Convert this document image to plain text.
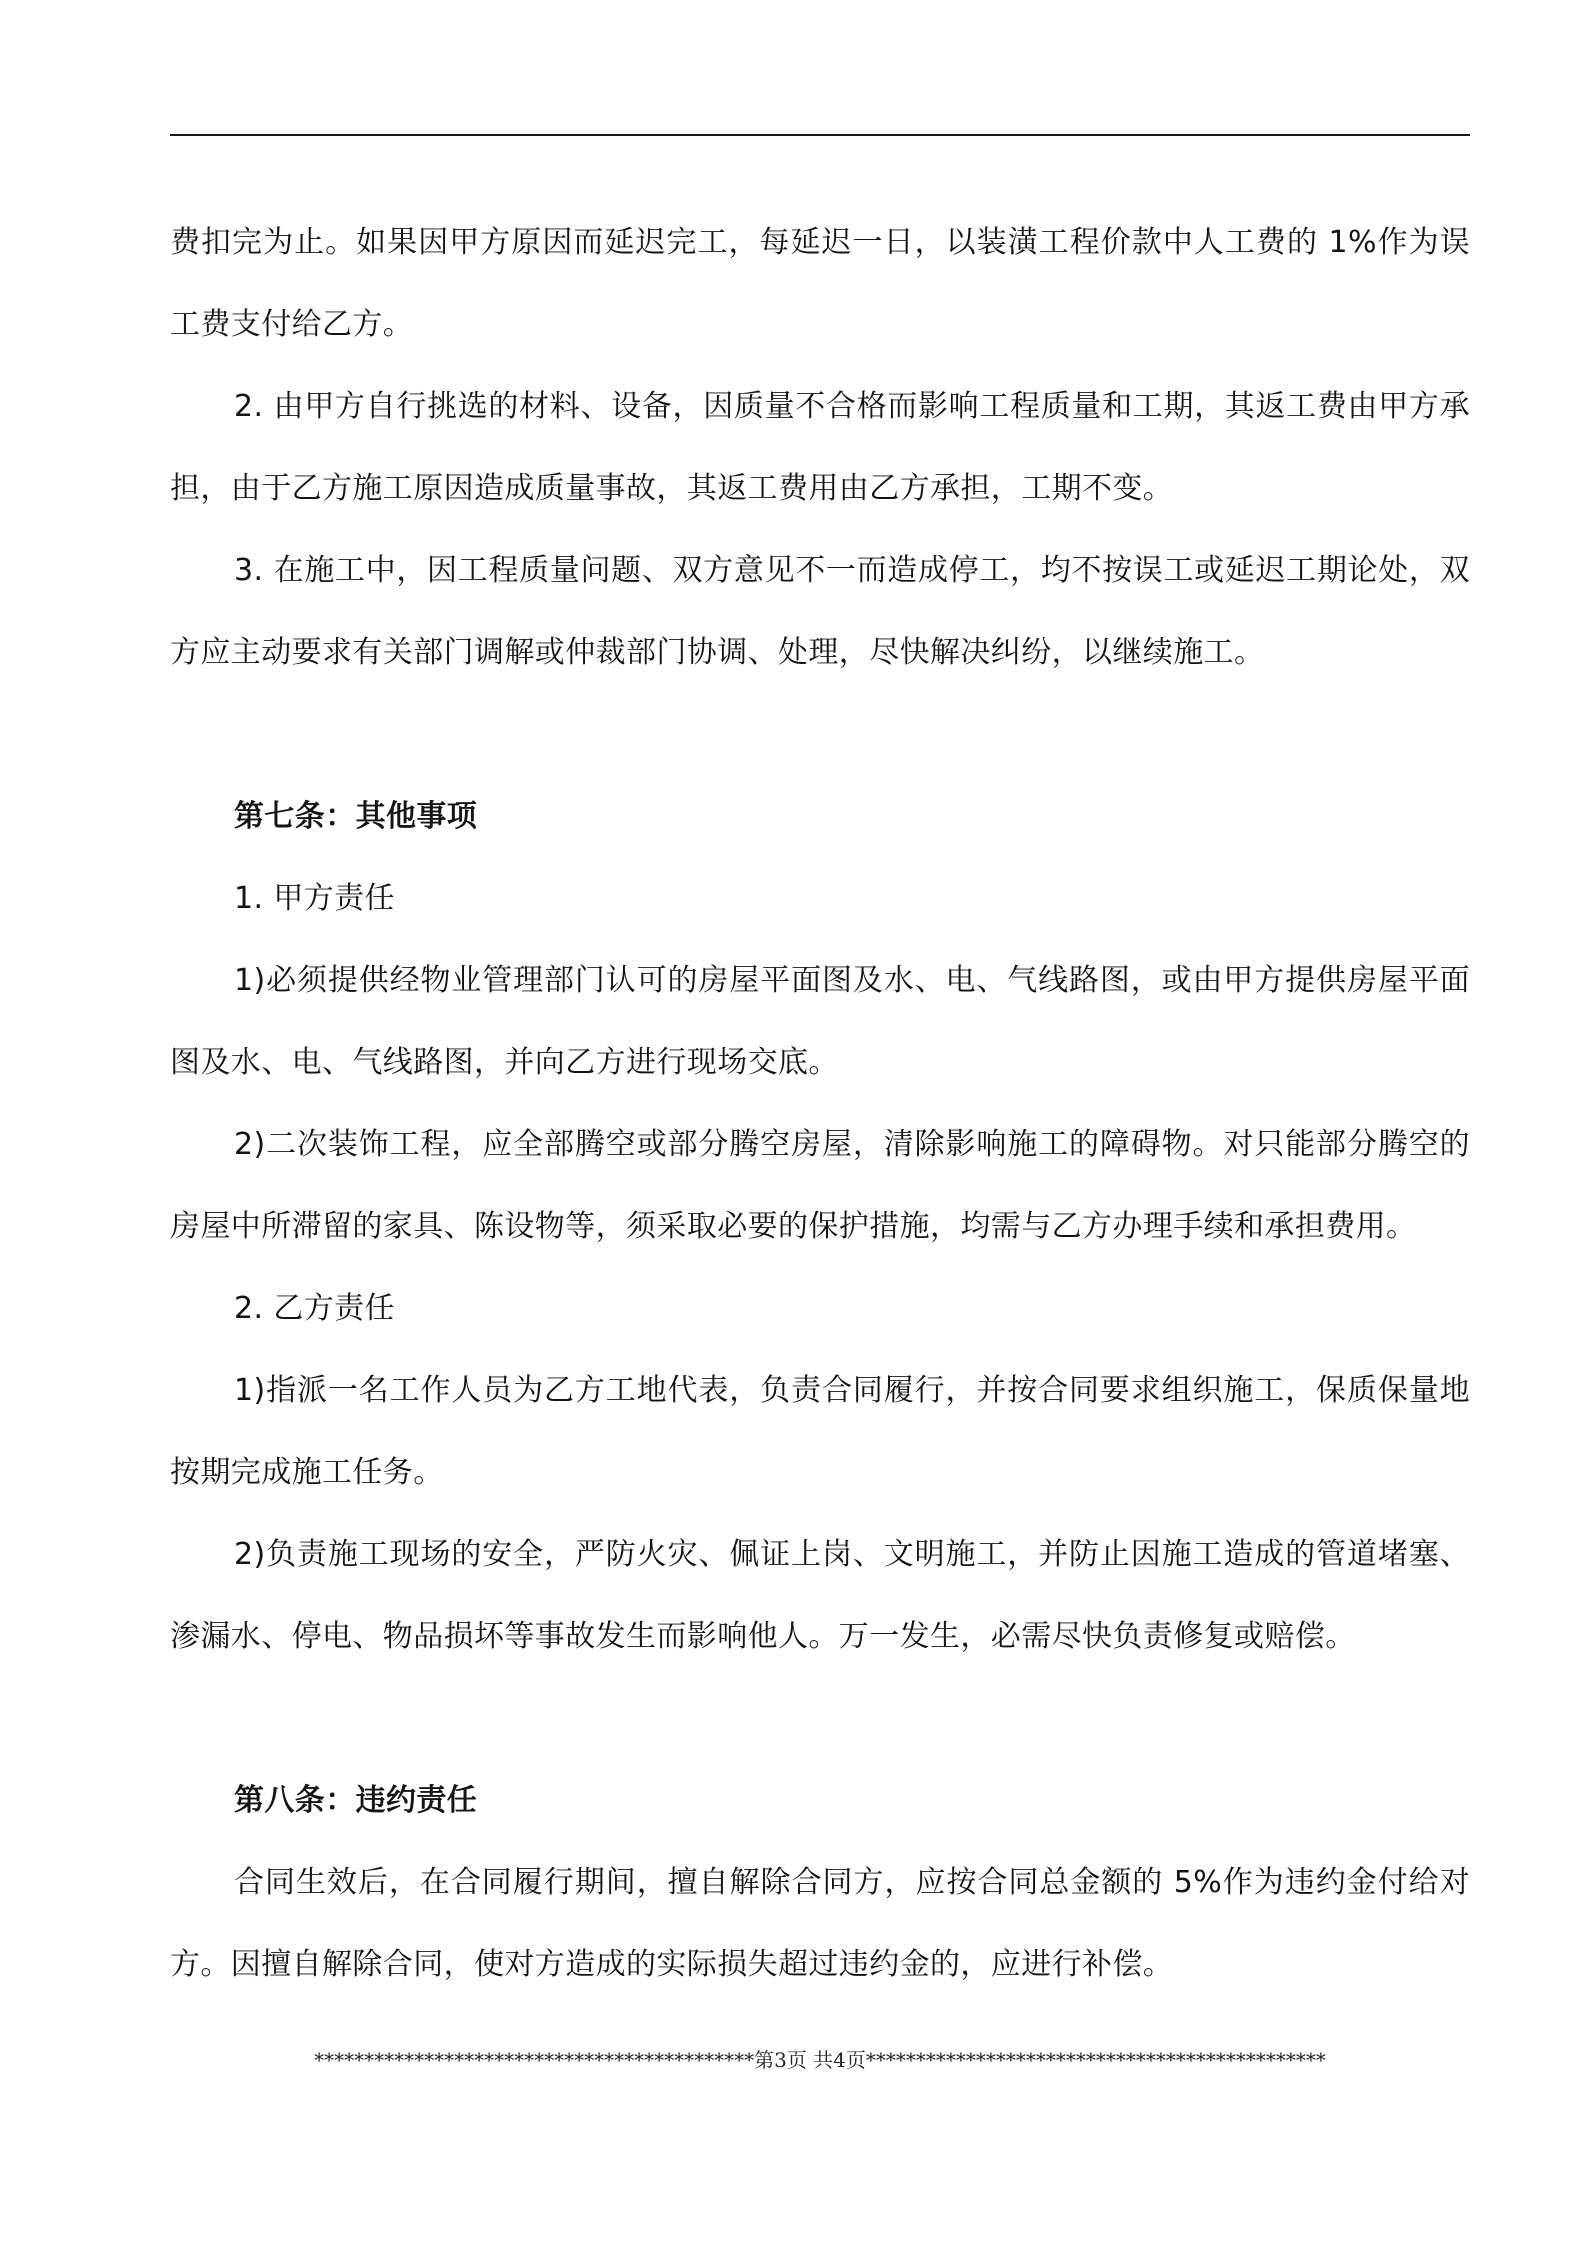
费扣完为止。如果因甲方原因而延迟完工，每延迟一日，以装潢工程价款中人工费的 1%作为误工费支付给乙方。

2. 由甲方自行挑选的材料、设备，因质量不合格而影响工程质量和工期，其返工费由甲方承担，由于乙方施工原因造成质量事故，其返工费用由乙方承担，工期不变。

3. 在施工中，因工程质量问题、双方意见不一而造成停工，均不按误工或延迟工期论处，双方应主动要求有关部门调解或仲裁部门协调、处理，尽快解决纠纷，以继续施工。

第七条：其他事项

1. 甲方责任

1)必须提供经物业管理部门认可的房屋平面图及水、电、气线路图，或由甲方提供房屋平面图及水、电、气线路图，并向乙方进行现场交底。

2)二次装饰工程，应全部腾空或部分腾空房屋，清除影响施工的障碍物。对只能部分腾空的房屋中所滞留的家具、陈设物等，须采取必要的保护措施，均需与乙方办理手续和承担费用。

2. 乙方责任

1)指派一名工作人员为乙方工地代表，负责合同履行，并按合同要求组织施工，保质保量地按期完成施工任务。

2)负责施工现场的安全，严防火灾、佩证上岗、文明施工，并防止因施工造成的管道堵塞、渗漏水、停电、物品损坏等事故发生而影响他人。万一发生，必需尽快负责修复或赔偿。

第八条：违约责任

合同生效后，在合同履行期间，擅自解除合同方，应按合同总金额的 5%作为违约金付给对方。因擅自解除合同，使对方造成的实际损失超过违约金的，应进行补偿。

********************************************第3页 共4页**********************************************
